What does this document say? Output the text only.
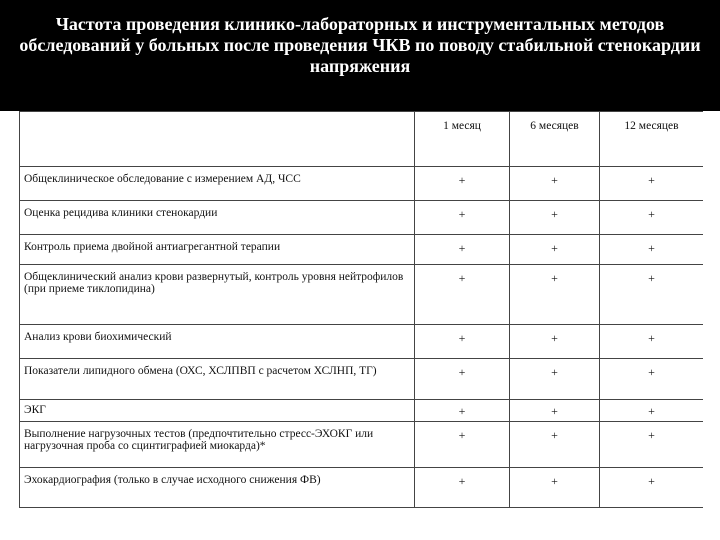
Частота проведения клинико-лабораторных и инструментальных методов обследований у больных после проведения ЧКВ по поводу стабильной стенокардии напряжения

	1 месяц	6 месяцев	12 месяцев

Общеклиническое обследование с измерением АД, ЧСС	+	+	+
Оценка рецидива клиники стенокардии	+	+	+
Контроль приема двойной антиагрегантной терапии	+	+	+
Общеклинический анализ крови развернутый, контроль уровня нейтрофилов (при приеме тиклопидина)	+	+	+
Анализ крови биохимический	+	+	+
Показатели липидного обмена (ОХС, ХСЛПВП с расчетом ХСЛНП, ТГ)	+	+	+
ЭКГ	+	+	+
Выполнение нагрузочных тестов (предпочтительно стресс-ЭХОКГ или нагрузочная проба со сцинтиграфией миокарда)*	+	+	+
Эхокардиография (только в случае исходного снижения ФВ)	+	+	+
